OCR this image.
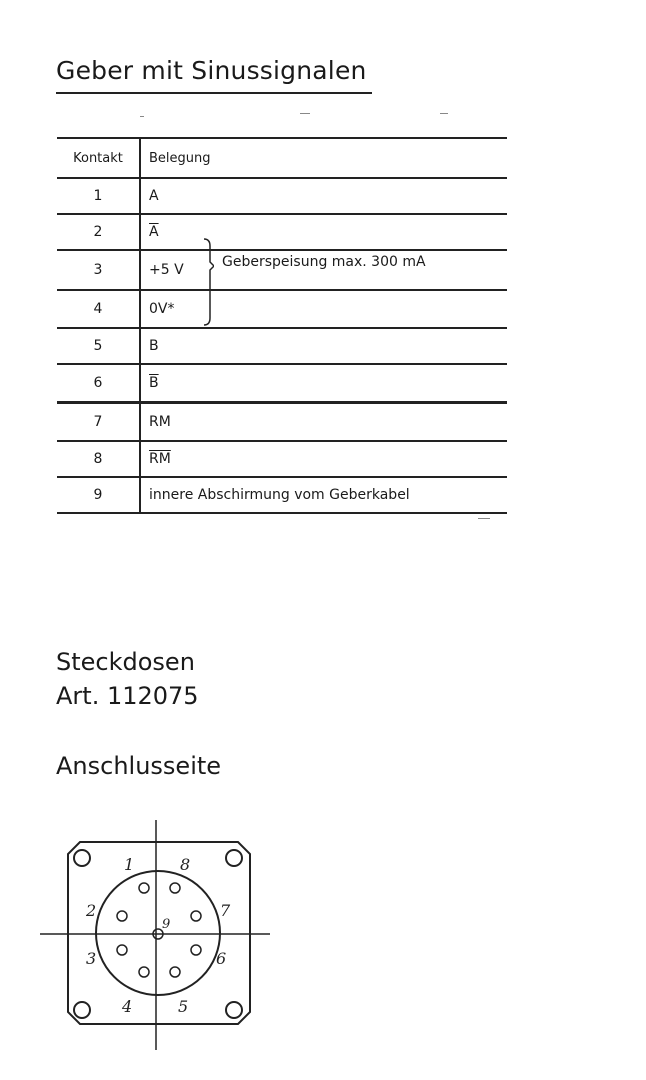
Geber mit Sinussignalen
Kontakt	Belegung
1	A
2	$\overline{A}$
3	+5 V
4	0V*
5	B
6	$\overline{B}$
7	RM
8	$\overline{RM}$
9	innere Abschirmung vom Geberkabel
Geberspeisung max. 300 mA
Steckdosen
Art. 112075
Anschlusseite
1	8
2	7
3	6
4	5
9
